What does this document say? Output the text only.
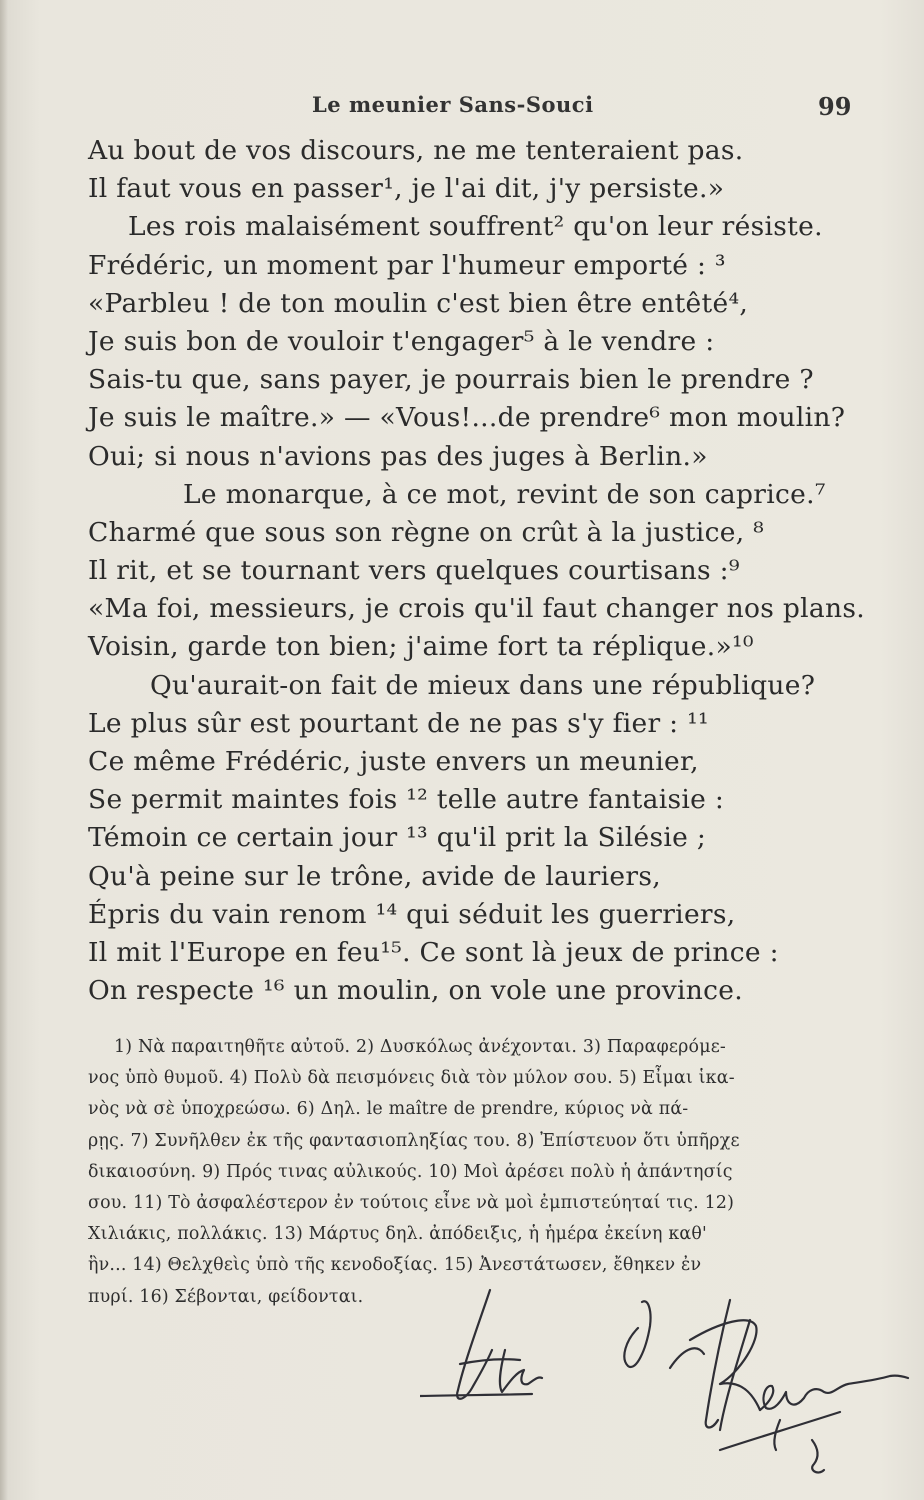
Le meunier Sans-Souci	99
Au bout de vos discours, ne me tenteraient pas.
Il faut vous en passer¹, je l'ai dit, j'y persiste.»
Les rois malaisément souffrent² qu'on leur résiste.
Frédéric, un moment par l'humeur emporté : ³
«Parbleu ! de ton moulin c'est bien être entêté⁴,
Je suis bon de vouloir t'engager⁵ à le vendre :
Sais-tu que, sans payer, je pourrais bien le prendre ?
Je suis le maître.» — «Vous!...de prendre⁶ mon moulin?
Oui; si nous n'avions pas des juges à Berlin.»
Le monarque, à ce mot, revint de son caprice.⁷
Charmé que sous son règne on crût à la justice, ⁸
Il rit, et se tournant vers quelques courtisans :⁹
«Ma foi, messieurs, je crois qu'il faut changer nos plans.
Voisin, garde ton bien; j'aime fort ta réplique.»¹⁰
Qu'aurait-on fait de mieux dans une république?
Le plus sûr est pourtant de ne pas s'y fier : ¹¹
Ce même Frédéric, juste envers un meunier,
Se permit maintes fois ¹² telle autre fantaisie :
Témoin ce certain jour ¹³ qu'il prit la Silésie ;
Qu'à peine sur le trône, avide de lauriers,
Épris du vain renom ¹⁴ qui séduit les guerriers,
Il mit l'Europe en feu¹⁵. Ce sont là jeux de prince :
On respecte ¹⁶ un moulin, on vole une province.
1) Νὰ παραιτηθῆτε αὐτοῦ. 2) Δυσκόλως ἀνέχονται. 3) Παραφερόμε-
νος ὑπὸ θυμοῦ. 4) Πολὺ δὰ πεισμόνεις διὰ τὸν μύλον σου. 5) Εἶμαι ἱκα-
νὸς νὰ σὲ ὑποχρεώσω. 6) Δηλ. le maître de prendre, κύριος νὰ πά-
ρῃς. 7) Συνῆλθεν ἐκ τῆς φαντασιοπληξίας του. 8) Ἐπίστευον ὅτι ὑπῆρχε
δικαιοσύνη. 9) Πρός τινας αὐλικούς. 10) Μοὶ ἀρέσει πολὺ ἡ ἀπάντησίς
σου. 11) Τὸ ἀσφαλέστερον ἐν τούτοις εἶνε νὰ μοὶ ἐμπιστεύηταί τις. 12)
Χιλιάκις, πολλάκις. 13) Μάρτυς δηλ. ἀπόδειξις, ἡ ἡμέρα ἐκείνη καθ'
ἣν... 14) Θελχθεὶς ὑπὸ τῆς κενοδοξίας. 15) Ἀνεστάτωσεν, ἔθηκεν ἐν
πυρί. 16) Σέβονται, φείδονται.
